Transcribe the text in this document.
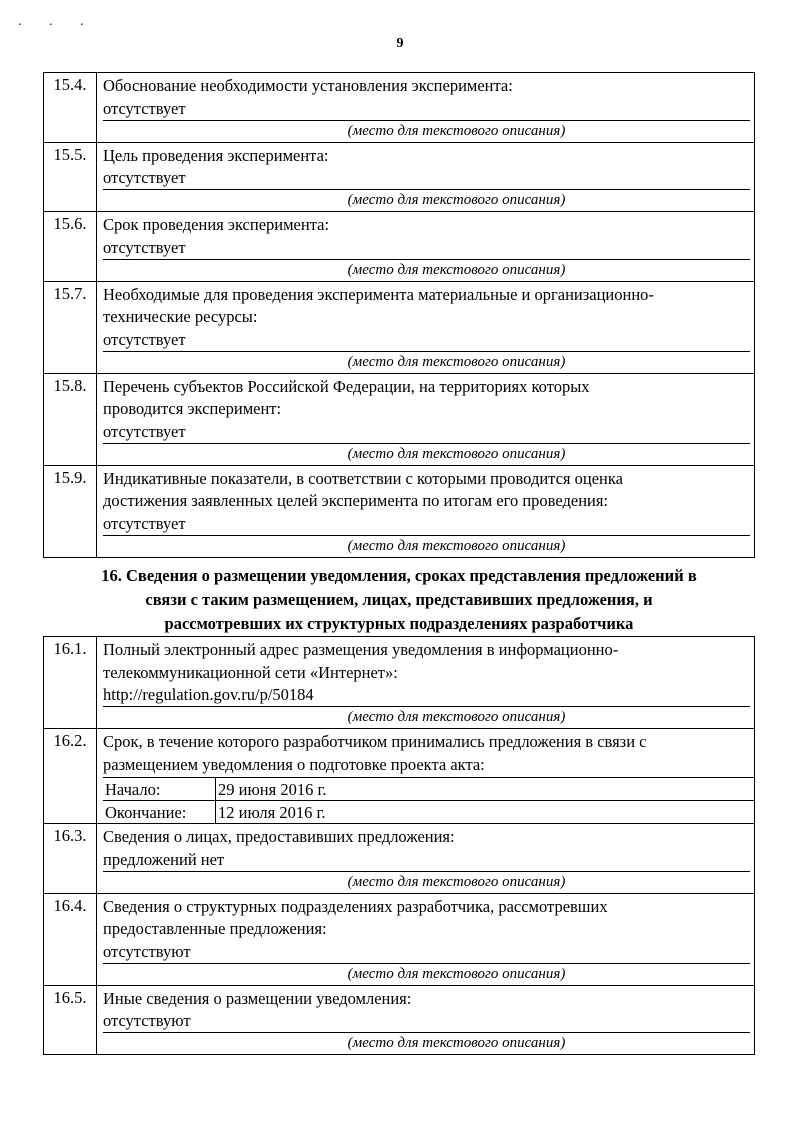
. . .
9
15.4.	Обоснование необходимости установления эксперимента:
отсутствует
(место для текстового описания)

15.5.	Цель проведения эксперимента:
отсутствует
(место для текстового описания)

15.6.	Срок проведения эксперимента:
отсутствует
(место для текстового описания)

15.7.	Необходимые для проведения эксперимента материальные и организационно-
технические ресурсы:
отсутствует
(место для текстового описания)

15.8.	Перечень субъектов Российской Федерации, на территориях которых
проводится эксперимент:
отсутствует
(место для текстового описания)

15.9.	Индикативные показатели, в соответствии с которыми проводится оценка
достижения заявленных целей эксперимента по итогам его проведения:
отсутствует
(место для текстового описания)
16. Сведения о размещении уведомления, сроках представления предложений в
связи с таким размещением, лицах, представивших предложения, и
рассмотревших их структурных подразделениях разработчика
16.1.	Полный электронный адрес размещения уведомления в информационно-
телекоммуникационной сети «Интернет»:
http://regulation.gov.ru/p/50184
(место для текстового описания)

16.2.	Срок, в течение которого разработчиком принимались предложения в связи с
размещением уведомления о подготовке проекта акта:
Начало:	29 июня 2016 г.
Окончание:	12 июля 2016 г.

16.3.	Сведения о лицах, предоставивших предложения:
предложений нет
(место для текстового описания)

16.4.	Сведения о структурных подразделениях разработчика, рассмотревших
предоставленные предложения:
отсутствуют
(место для текстового описания)

16.5.	Иные сведения о размещении уведомления:
отсутствуют
(место для текстового описания)
